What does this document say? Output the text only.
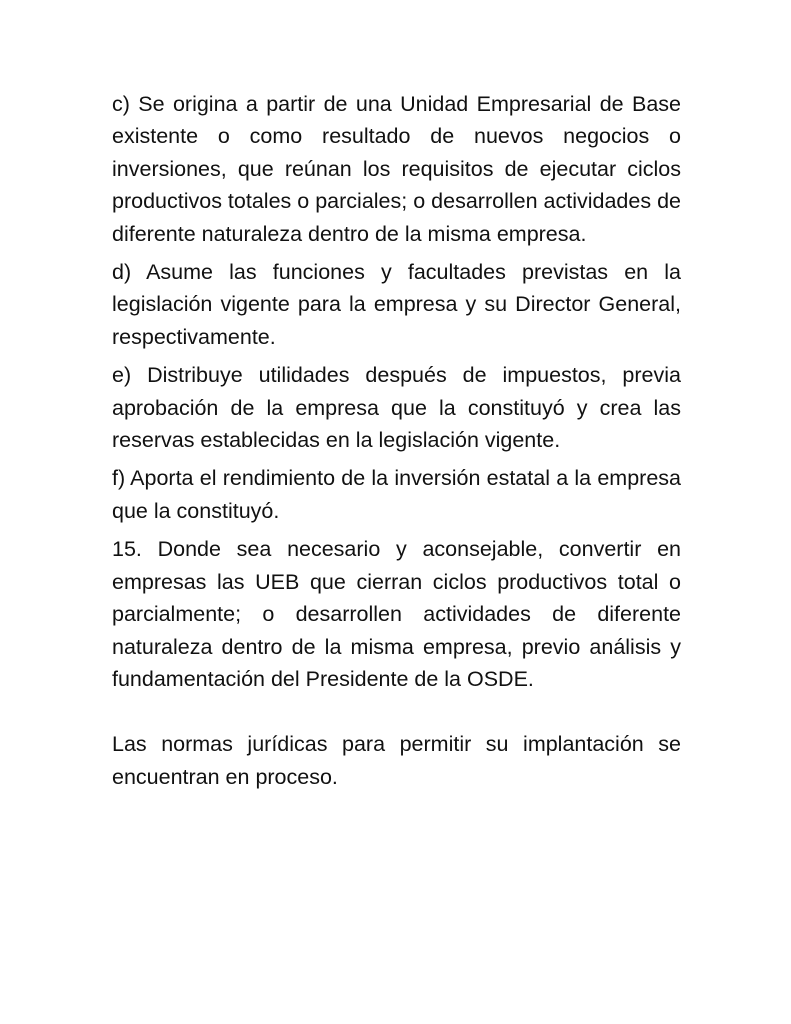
c) Se origina a partir de una Unidad Empresarial de Base existente o como resultado de nuevos negocios o inversiones, que reúnan los requisitos de ejecutar ciclos productivos totales o parciales; o desarrollen actividades de diferente naturaleza dentro de la misma empresa.

d) Asume las funciones y facultades previstas en la legislación vigente para la empresa y su Director General, respectivamente.

e) Distribuye utilidades después de impuestos, previa aprobación de la empresa que la constituyó y crea las reservas establecidas en la legislación vigente.

f) Aporta el rendimiento de la inversión estatal a la empresa que la constituyó.

15. Donde sea necesario y aconsejable, convertir en empresas las UEB que cierran ciclos productivos total o parcialmente; o desarrollen actividades de diferente naturaleza dentro de la misma empresa, previo análisis y fundamentación del Presidente de la OSDE.

Las normas jurídicas para permitir su implantación se encuentran en proceso.
